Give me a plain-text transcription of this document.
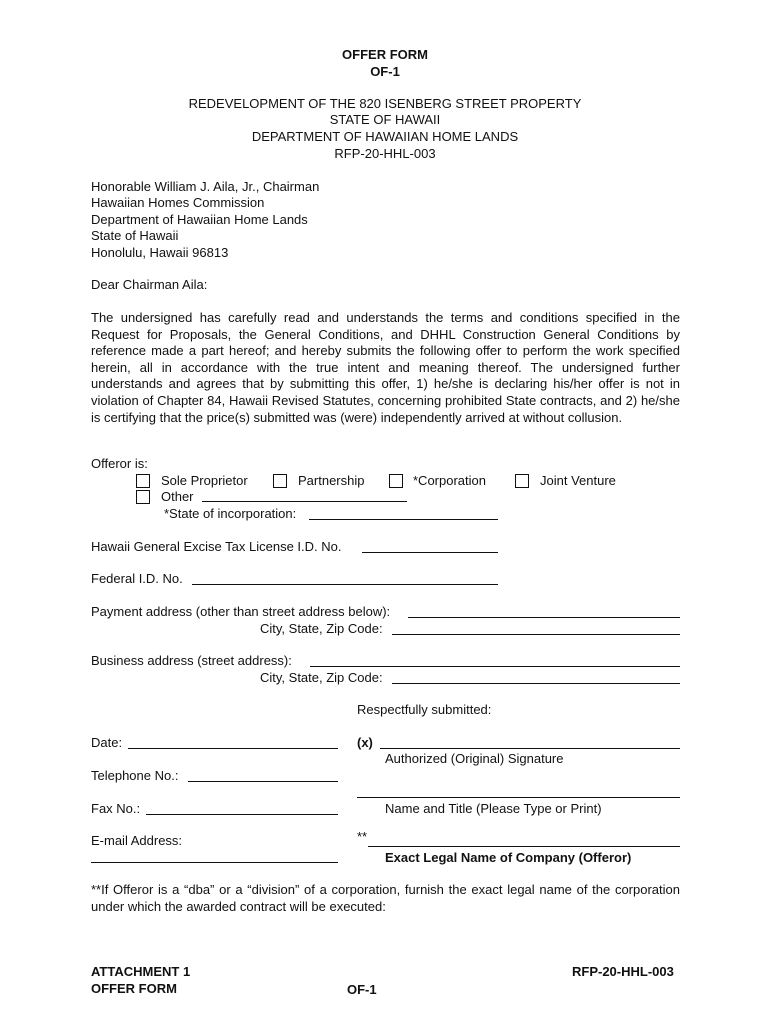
OFFER FORM
OF-1
REDEVELOPMENT OF THE 820 ISENBERG STREET PROPERTY
STATE OF HAWAII
DEPARTMENT OF HAWAIIAN HOME LANDS
RFP-20-HHL-003
Honorable William J. Aila, Jr., Chairman
Hawaiian Homes Commission
Department of Hawaiian Home Lands
State of Hawaii
Honolulu, Hawaii 96813
Dear Chairman Aila:
The undersigned has carefully read and understands the terms and conditions specified in the Request for Proposals, the General Conditions, and DHHL Construction General Conditions by reference made a part hereof; and hereby submits the following offer to perform the work specified herein, all in accordance with the true intent and meaning thereof. The undersigned further understands and agrees that by submitting this offer, 1) he/she is declaring his/her offer is not in violation of Chapter 84, Hawaii Revised Statutes, concerning prohibited State contracts, and 2) he/she is certifying that the price(s) submitted was (were) independently arrived at without collusion.
Offeror is:
Sole Proprietor	Partnership	*Corporation	Joint Venture
Other
*State of incorporation:
Hawaii General Excise Tax License I.D. No.
Federal I.D. No.
Payment address (other than street address below):
City, State, Zip Code:
Business address (street address):
City, State, Zip Code:
Respectfully submitted:
Date:	(x)
Authorized (Original) Signature
Telephone No.:
Fax No.:	Name and Title (Please Type or Print)
E-mail Address:	**
Exact Legal Name of Company (Offeror)
**If Offeror is a “dba” or a “division” of a corporation, furnish the exact legal name of the corporation under which the awarded contract will be executed:
ATTACHMENT 1
OFFER FORM	OF-1
RFP-20-HHL-003
